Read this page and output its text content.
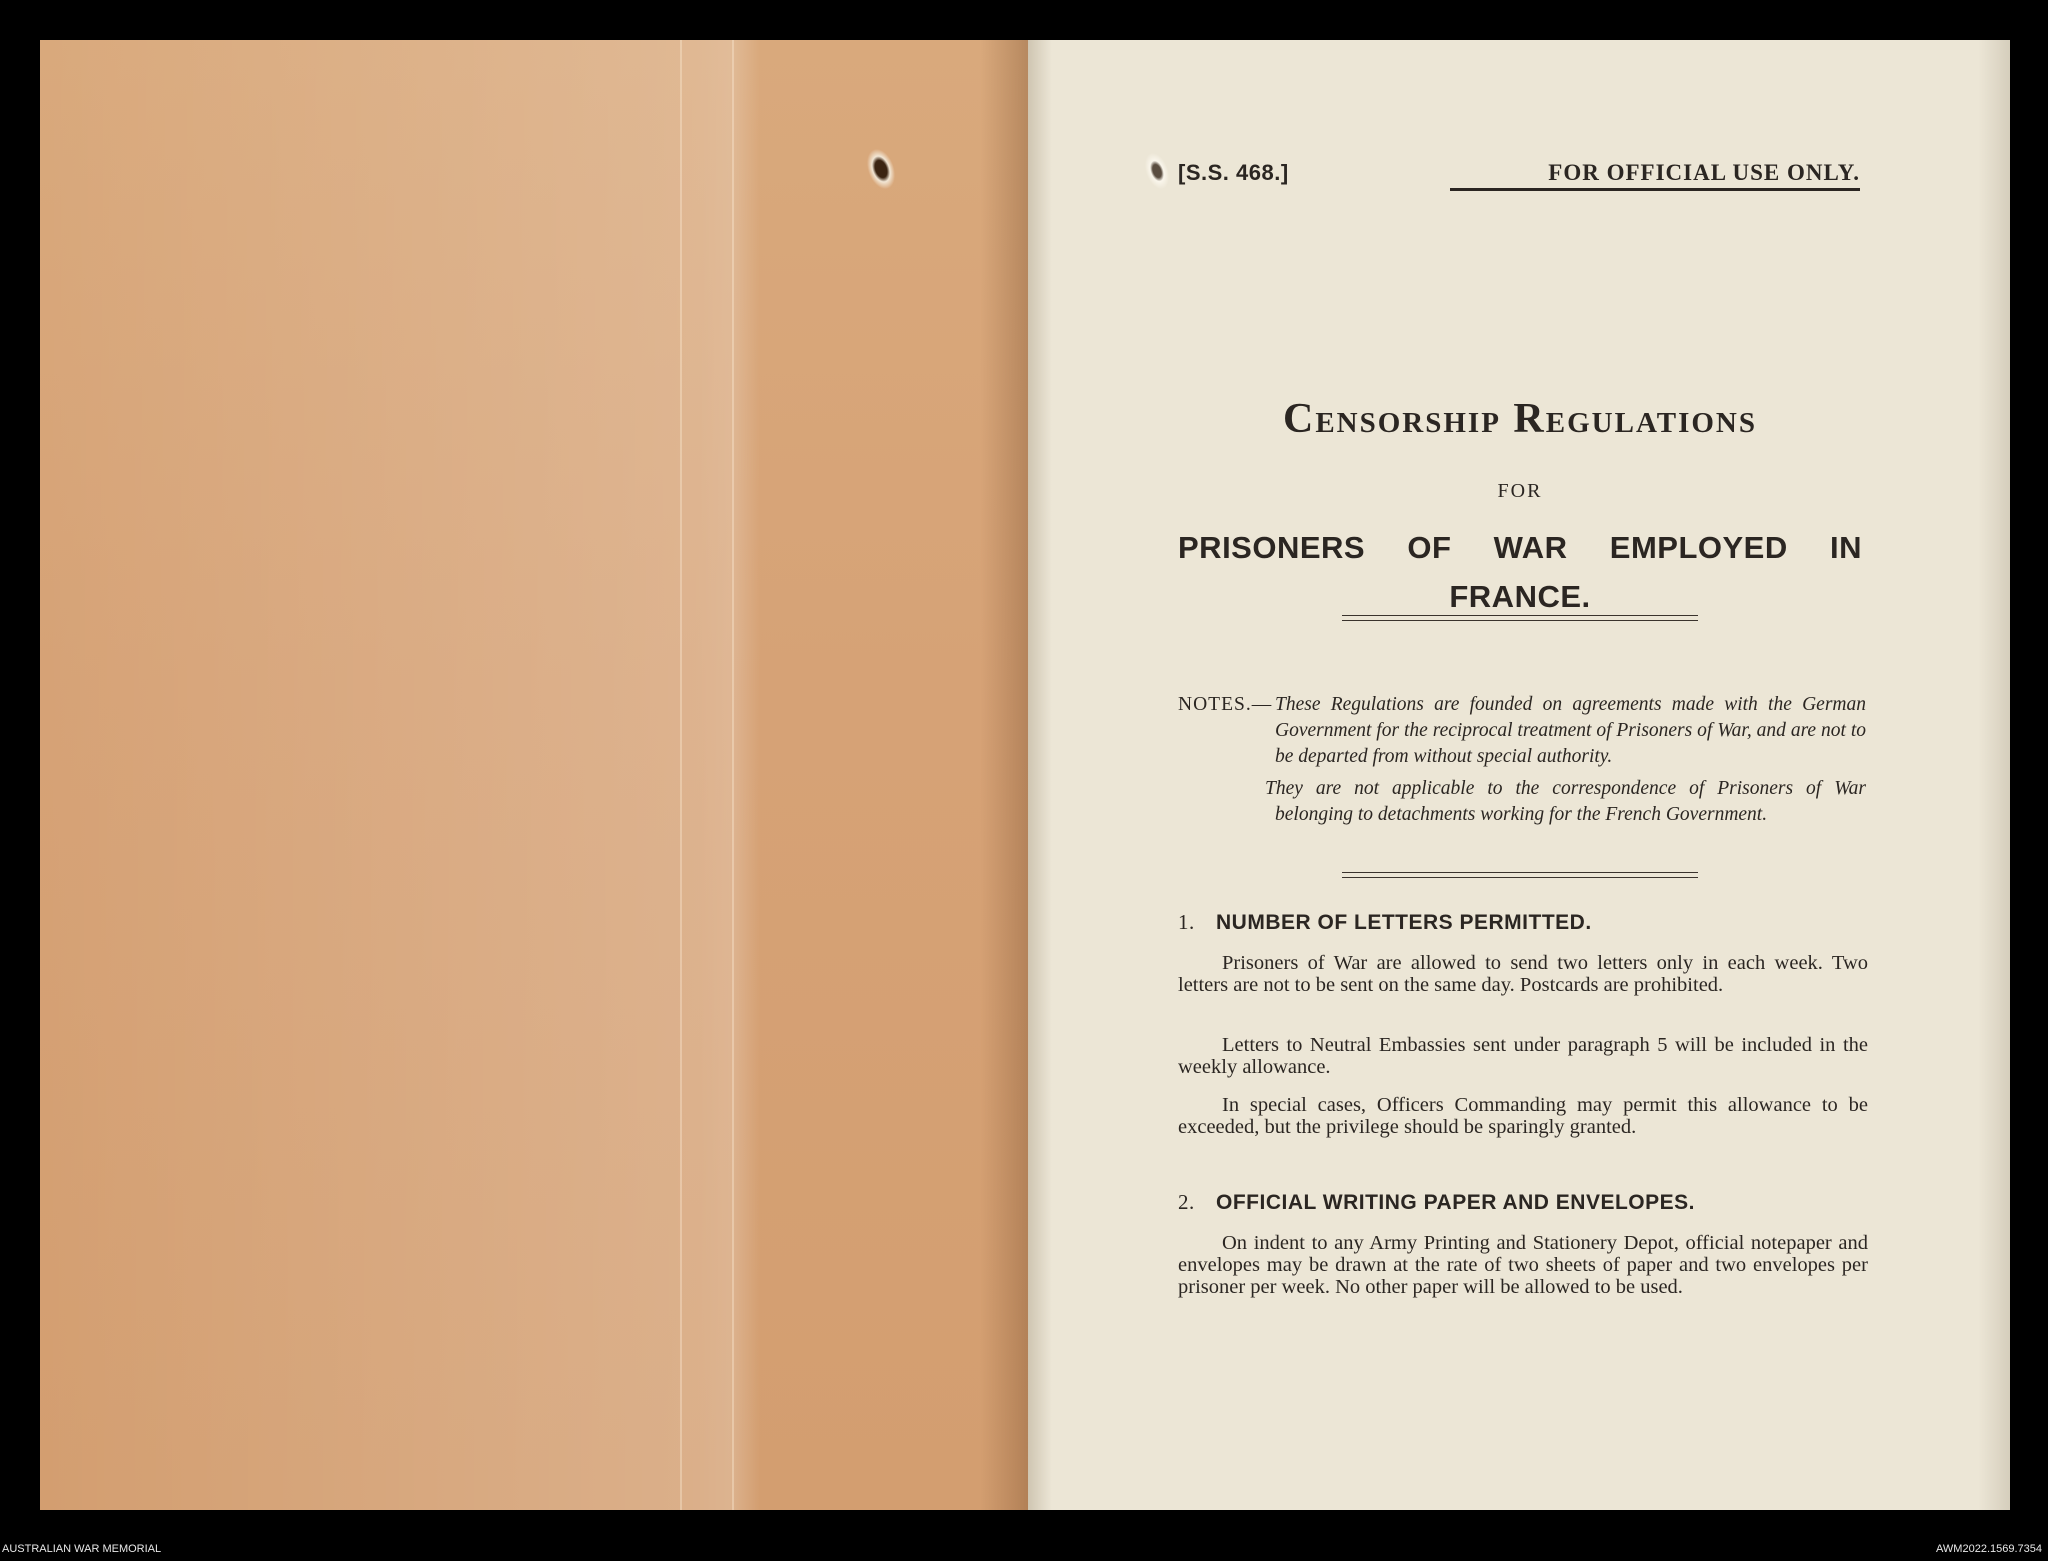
[S.S. 468.]	FOR OFFICIAL USE ONLY.
Censorship Regulations
FOR
PRISONERS OF WAR EMPLOYED IN
FRANCE.
NOTES.— These Regulations are founded on agreements made with the German Government for the reciprocal treatment of Prisoners of War, and are not to be departed from without special authority.
They are not applicable to the correspondence of Prisoners of War belonging to detachments working for the French Government.
1. NUMBER OF LETTERS PERMITTED.
Prisoners of War are allowed to send two letters only in each week. Two letters are not to be sent on the same day. Postcards are prohibited.
Letters to Neutral Embassies sent under paragraph 5 will be included in the weekly allowance.
In special cases, Officers Commanding may permit this allowance to be exceeded, but the privilege should be sparingly granted.
2. OFFICIAL WRITING PAPER AND ENVELOPES.
On indent to any Army Printing and Stationery Depot, official notepaper and envelopes may be drawn at the rate of two sheets of paper and two envelopes per prisoner per week. No other paper will be allowed to be used.
AUSTRALIAN WAR MEMORIAL	AWM2022.1569.7354
